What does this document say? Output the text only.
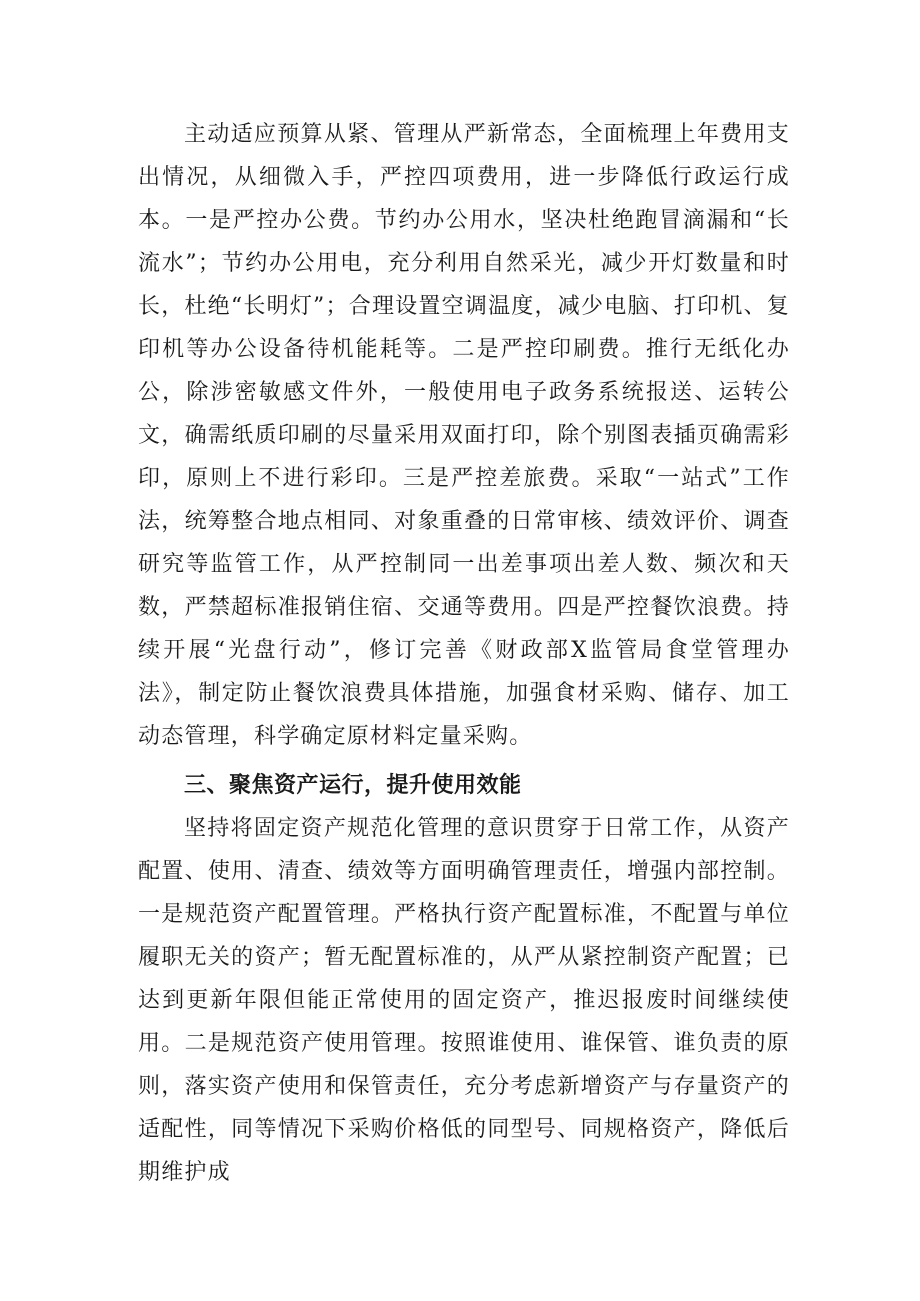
主动适应预算从紧、管理从严新常态，全面梳理上年费用支出情况，从细微入手，严控四项费用，进一步降低行政运行成本。一是严控办公费。节约办公用水，坚决杜绝跑冒滴漏和“长流水”；节约办公用电，充分利用自然采光，减少开灯数量和时长，杜绝“长明灯”；合理设置空调温度，减少电脑、打印机、复印机等办公设备待机能耗等。二是严控印刷费。推行无纸化办公，除涉密敏感文件外，一般使用电子政务系统报送、运转公文，确需纸质印刷的尽量采用双面打印，除个别图表插页确需彩印，原则上不进行彩印。三是严控差旅费。采取“一站式”工作法，统筹整合地点相同、对象重叠的日常审核、绩效评价、调查研究等监管工作，从严控制同一出差事项出差人数、频次和天数，严禁超标准报销住宿、交通等费用。四是严控餐饮浪费。持续开展“光盘行动”，修订完善《财政部X监管局食堂管理办法》，制定防止餐饮浪费具体措施，加强食材采购、储存、加工动态管理，科学确定原材料定量采购。

三、聚焦资产运行，提升使用效能

坚持将固定资产规范化管理的意识贯穿于日常工作，从资产配置、使用、清查、绩效等方面明确管理责任，增强内部控制。一是规范资产配置管理。严格执行资产配置标准，不配置与单位履职无关的资产；暂无配置标准的，从严从紧控制资产配置；已达到更新年限但能正常使用的固定资产，推迟报废时间继续使用。二是规范资产使用管理。按照谁使用、谁保管、谁负责的原则，落实资产使用和保管责任，充分考虑新增资产与存量资产的适配性，同等情况下采购价格低的同型号、同规格资产，降低后期维护成
